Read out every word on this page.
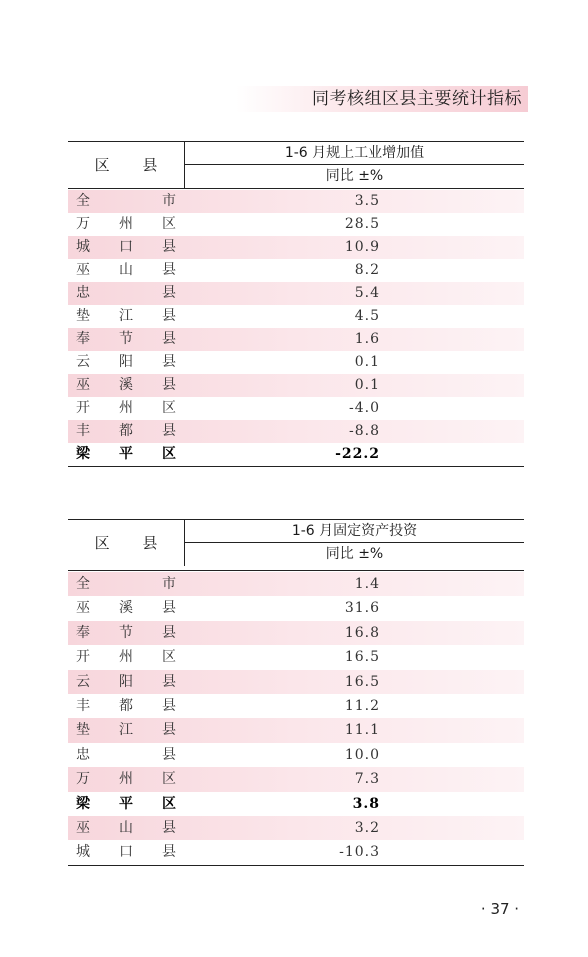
同考核组区县主要统计指标
区 县
1-6 月规上工业增加值
同比 ±%
全	市	3.5
万 州 区	28.5
城 口 县	10.9
巫 山 县	8.2
忠	县	5.4
垫 江 县	4.5
奉 节 县	1.6
云 阳 县	0.1
巫 溪 县	0.1
开 州 区	-4.0
丰 都 县	-8.8
梁 平 区	-22.2
区 县
1-6 月固定资产投资
同比 ±%
全	市	1.4
巫 溪 县	31.6
奉 节 县	16.8
开 州 区	16.5
云 阳 县	16.5
丰 都 县	11.2
垫 江 县	11.1
忠	县	10.0
万 州 区	7.3
梁 平 区	3.8
巫 山 县	3.2
城 口 县	-10.3
· 37 ·
